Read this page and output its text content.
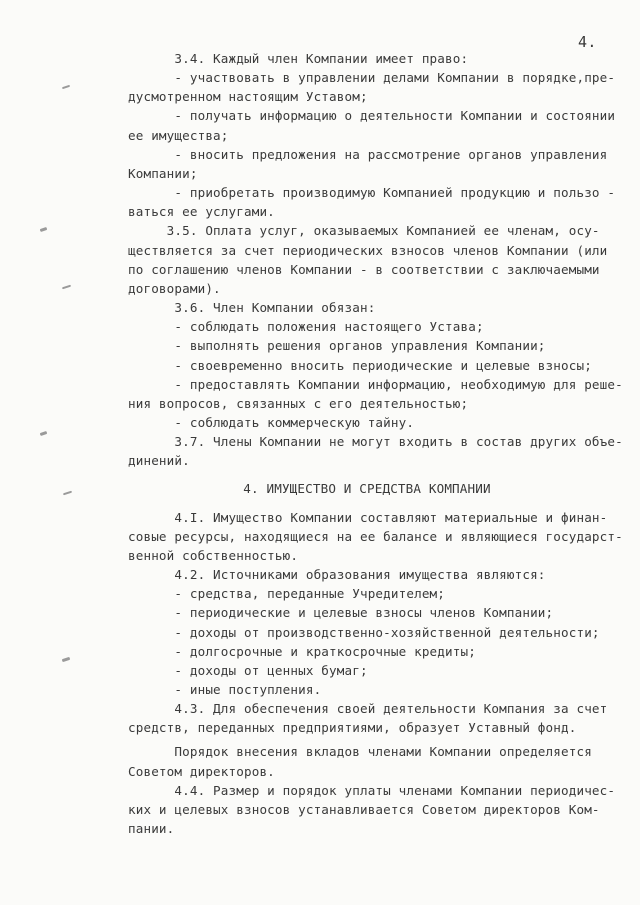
4.
3.4. Каждый член Компании имеет право:
- участвовать в управлении делами Компании в порядке,пре-
дусмотренном настоящим Уставом;
- получать информацию о деятельности Компании и состоянии
ее имущества;
- вносить предложения на рассмотрение органов управления
Компании;
- приобретать производимую Компанией продукцию и пользо -
ваться ее услугами.
3.5. Оплата услуг, оказываемых Компанией ее членам, осу-
ществляется за счет периодических взносов членов Компании (или
по соглашению членов Компании - в соответствии с заключаемыми
договорами).
3.6. Член Компании обязан:
- соблюдать положения настоящего Устава;
- выполнять решения органов управления Компании;
- своевременно вносить периодические и целевые взносы;
- предоставлять Компании информацию, необходимую для реше-
ния вопросов, связанных с его деятельностью;
- соблюдать коммерческую тайну.
3.7. Члены Компании не могут входить в состав других объе-
динений.
4. ИМУЩЕСТВО И СРЕДСТВА КОМПАНИИ
4.I. Имущество Компании составляют материальные и финан-
совые ресурсы, находящиеся на ее балансе и являющиеся государст-
венной собственностью.
4.2. Источниками образования имущества являются:
- средства, переданные Учредителем;
- периодические и целевые взносы членов Компании;
- доходы от производственно-хозяйственной деятельности;
- долгосрочные и краткосрочные кредиты;
- доходы от ценных бумаг;
- иные поступления.
4.3. Для обеспечения своей деятельности Компания за счет
средств, переданных предприятиями, образует Уставный фонд.
Порядок внесения вкладов членами Компании определяется
Советом директоров.
4.4. Размер и порядок уплаты членами Компании периодичес-
ких и целевых взносов устанавливается Советом директоров Ком-
пании.
